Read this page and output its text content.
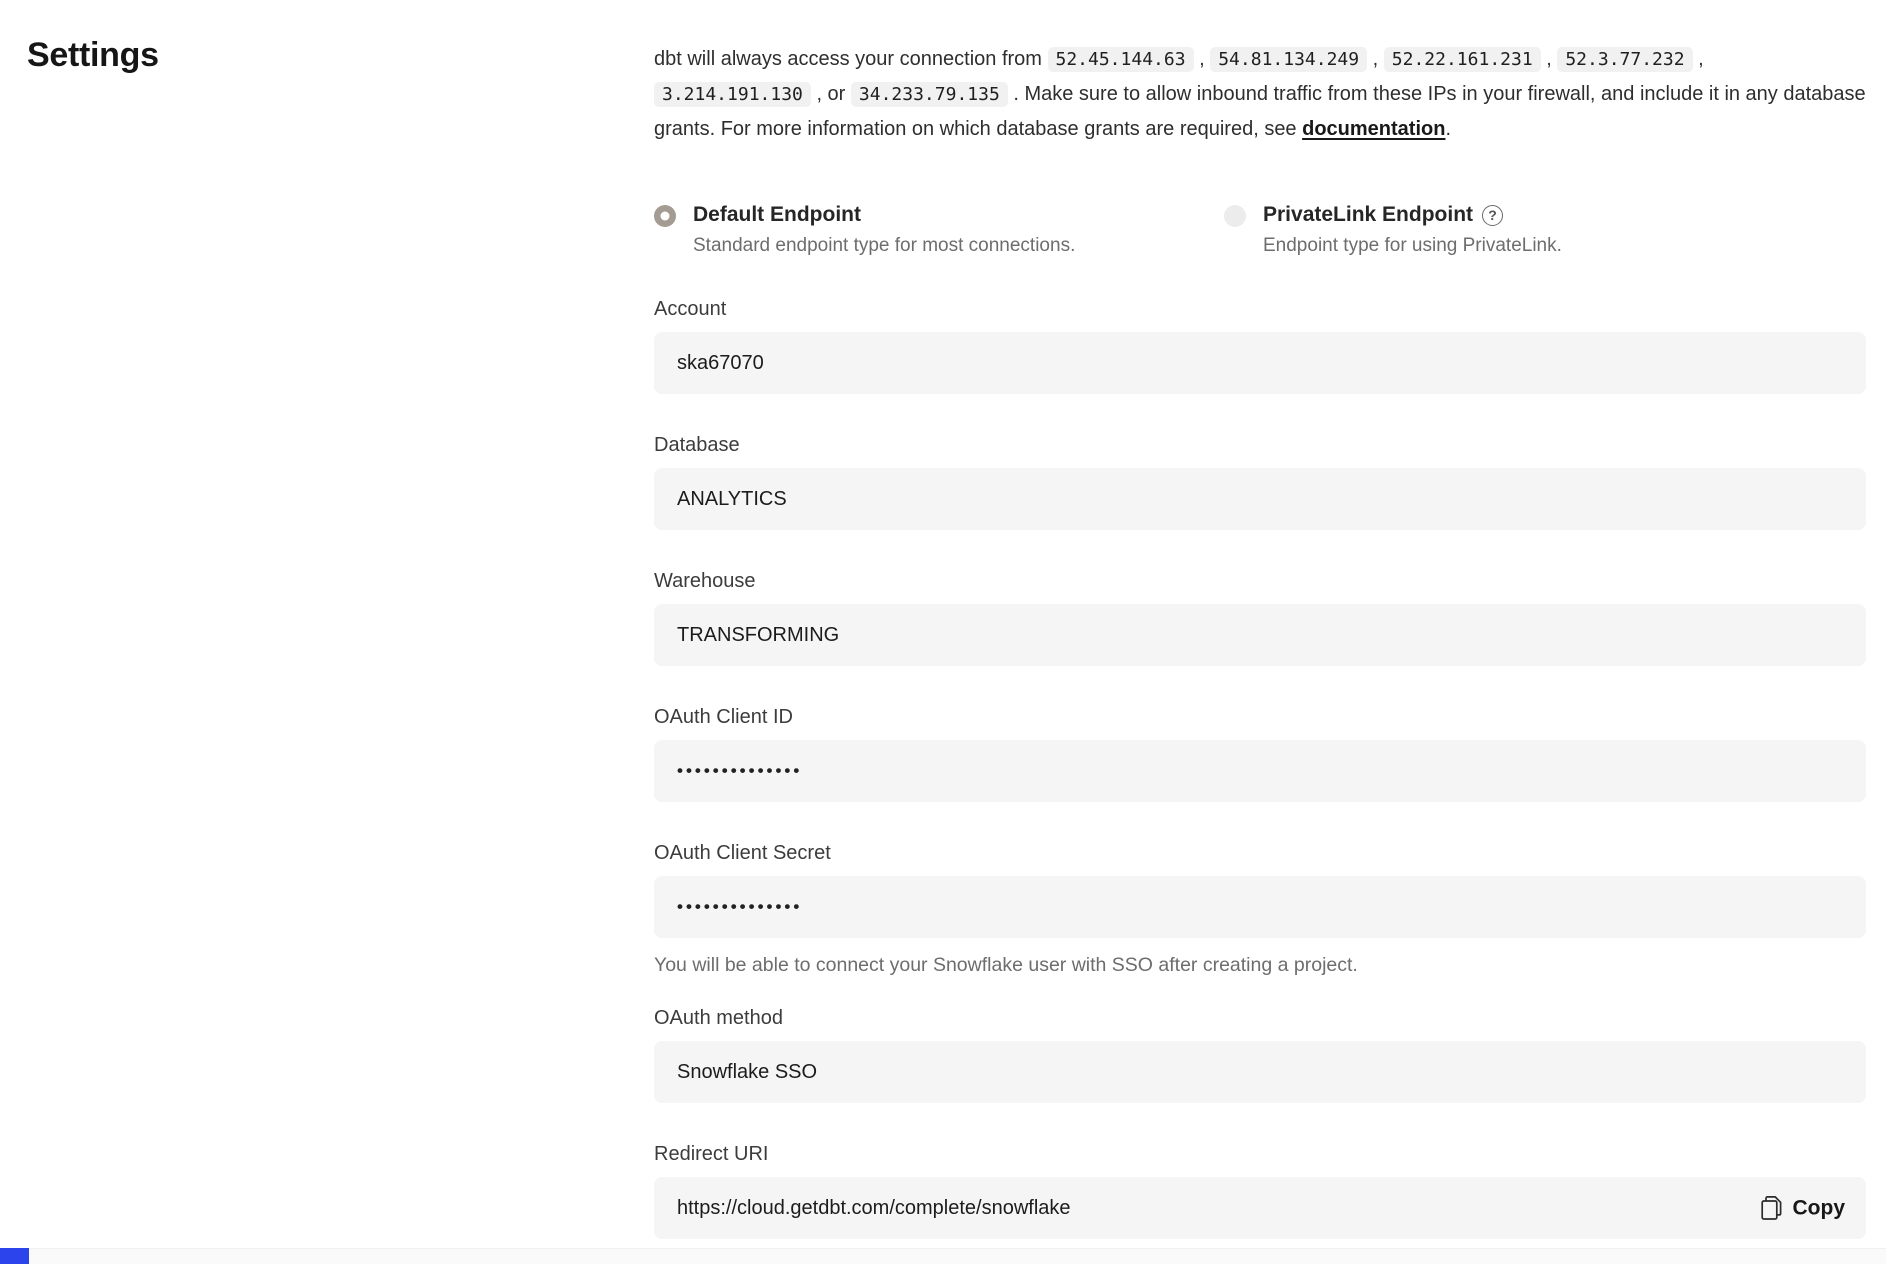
Settings	dbt will always access your connection from 52.45.144.63 , 54.81.134.249 , 52.22.161.231 , 52.3.77.232 , 3.214.191.130 , or 34.233.79.135 . Make sure to allow inbound traffic from these IPs in your firewall, and include it in any database grants. For more information on which database grants are required, see documentation.

Default Endpoint
Standard endpoint type for most connections.
PrivateLink Endpoint	?
Endpoint type for using PrivateLink.
Account
ska67070
Database
ANALYTICS
Warehouse
TRANSFORMING
OAuth Client ID
••••••••••••••
OAuth Client Secret
••••••••••••••
You will be able to connect your Snowflake user with SSO after creating a project.
OAuth method
Snowflake SSO
Redirect URI
https://cloud.getdbt.com/complete/snowflake
Copy
